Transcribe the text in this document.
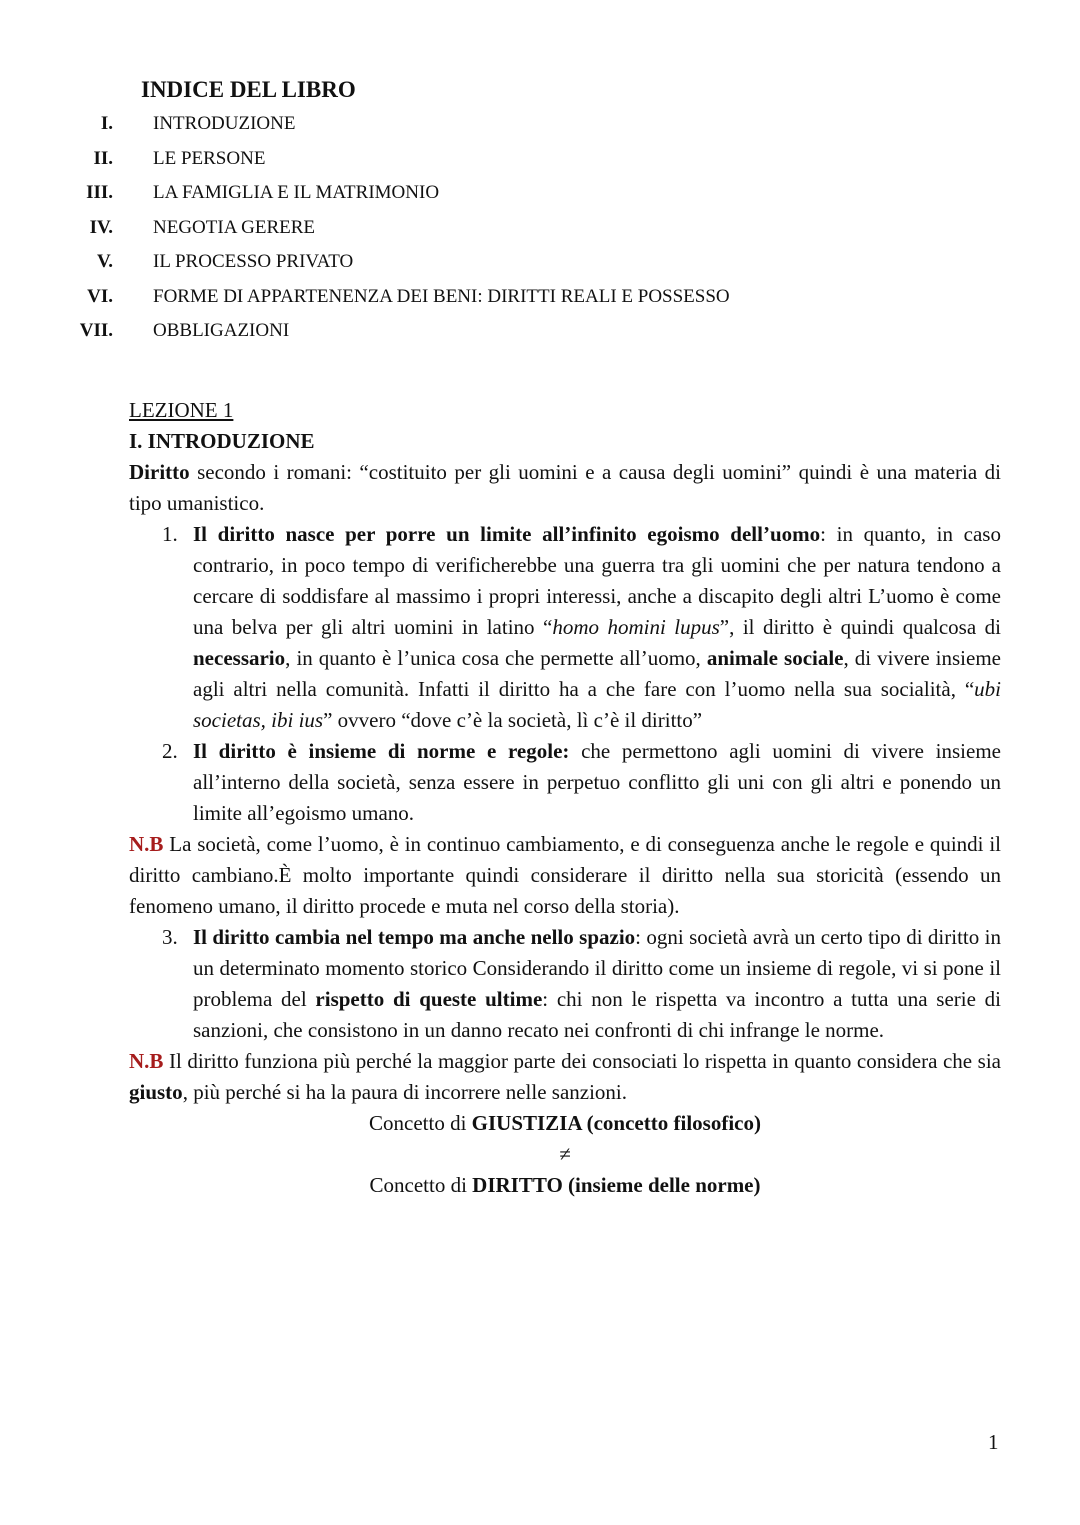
INDICE DEL LIBRO
I.	INTRODUZIONE
II.	LE PERSONE
III.	LA FAMIGLIA E IL MATRIMONIO
IV.	NEGOTIA GERERE
V.	IL PROCESSO PRIVATO
VI.	FORME DI APPARTENENZA DEI BENI: DIRITTI REALI E POSSESSO
VII.	OBBLIGAZIONI
LEZIONE 1
I. INTRODUZIONE

Diritto secondo i romani: “costituito per gli uomini e a causa degli uomini” quindi è una materia di tipo umanistico.

1. Il diritto nasce per porre un limite all’infinito egoismo dell’uomo: in quanto, in caso contrario, in poco tempo di verificherebbe una guerra tra gli uomini che per natura tendono a cercare di soddisfare al massimo i propri interessi, anche a discapito degli altri L’uomo è come una belva per gli altri uomini in latino “homo homini lupus”, il diritto è quindi qualcosa di necessario, in quanto è l’unica cosa che permette all’uomo, animale sociale, di vivere insieme agli altri nella comunità. Infatti il diritto ha a che fare con l’uomo nella sua socialità, “ubi societas, ibi ius” ovvero “dove c’è la società, lì c’è il diritto”

2. Il diritto è insieme di norme e regole: che permettono agli uomini di vivere insieme all’interno della società, senza essere in perpetuo conflitto gli uni con gli altri e ponendo un limite all’egoismo umano.

N.B La società, come l’uomo, è in continuo cambiamento, e di conseguenza anche le regole e quindi il diritto cambiano.È molto importante quindi considerare il diritto nella sua storicità (essendo un fenomeno umano, il diritto procede e muta nel corso della storia).

3. Il diritto cambia nel tempo ma anche nello spazio: ogni società avrà un certo tipo di diritto in un determinato momento storico Considerando il diritto come un insieme di regole, vi si pone il problema del rispetto di queste ultime: chi non le rispetta va incontro a tutta una serie di sanzioni, che consistono in un danno recato nei confronti di chi infrange le norme.

N.B Il diritto funziona più perché la maggior parte dei consociati lo rispetta in quanto considera che sia giusto, più perché si ha la paura di incorrere nelle sanzioni.

Concetto di GIUSTIZIA (concetto filosofico)

≠

Concetto di DIRITTO (insieme delle norme)

1
